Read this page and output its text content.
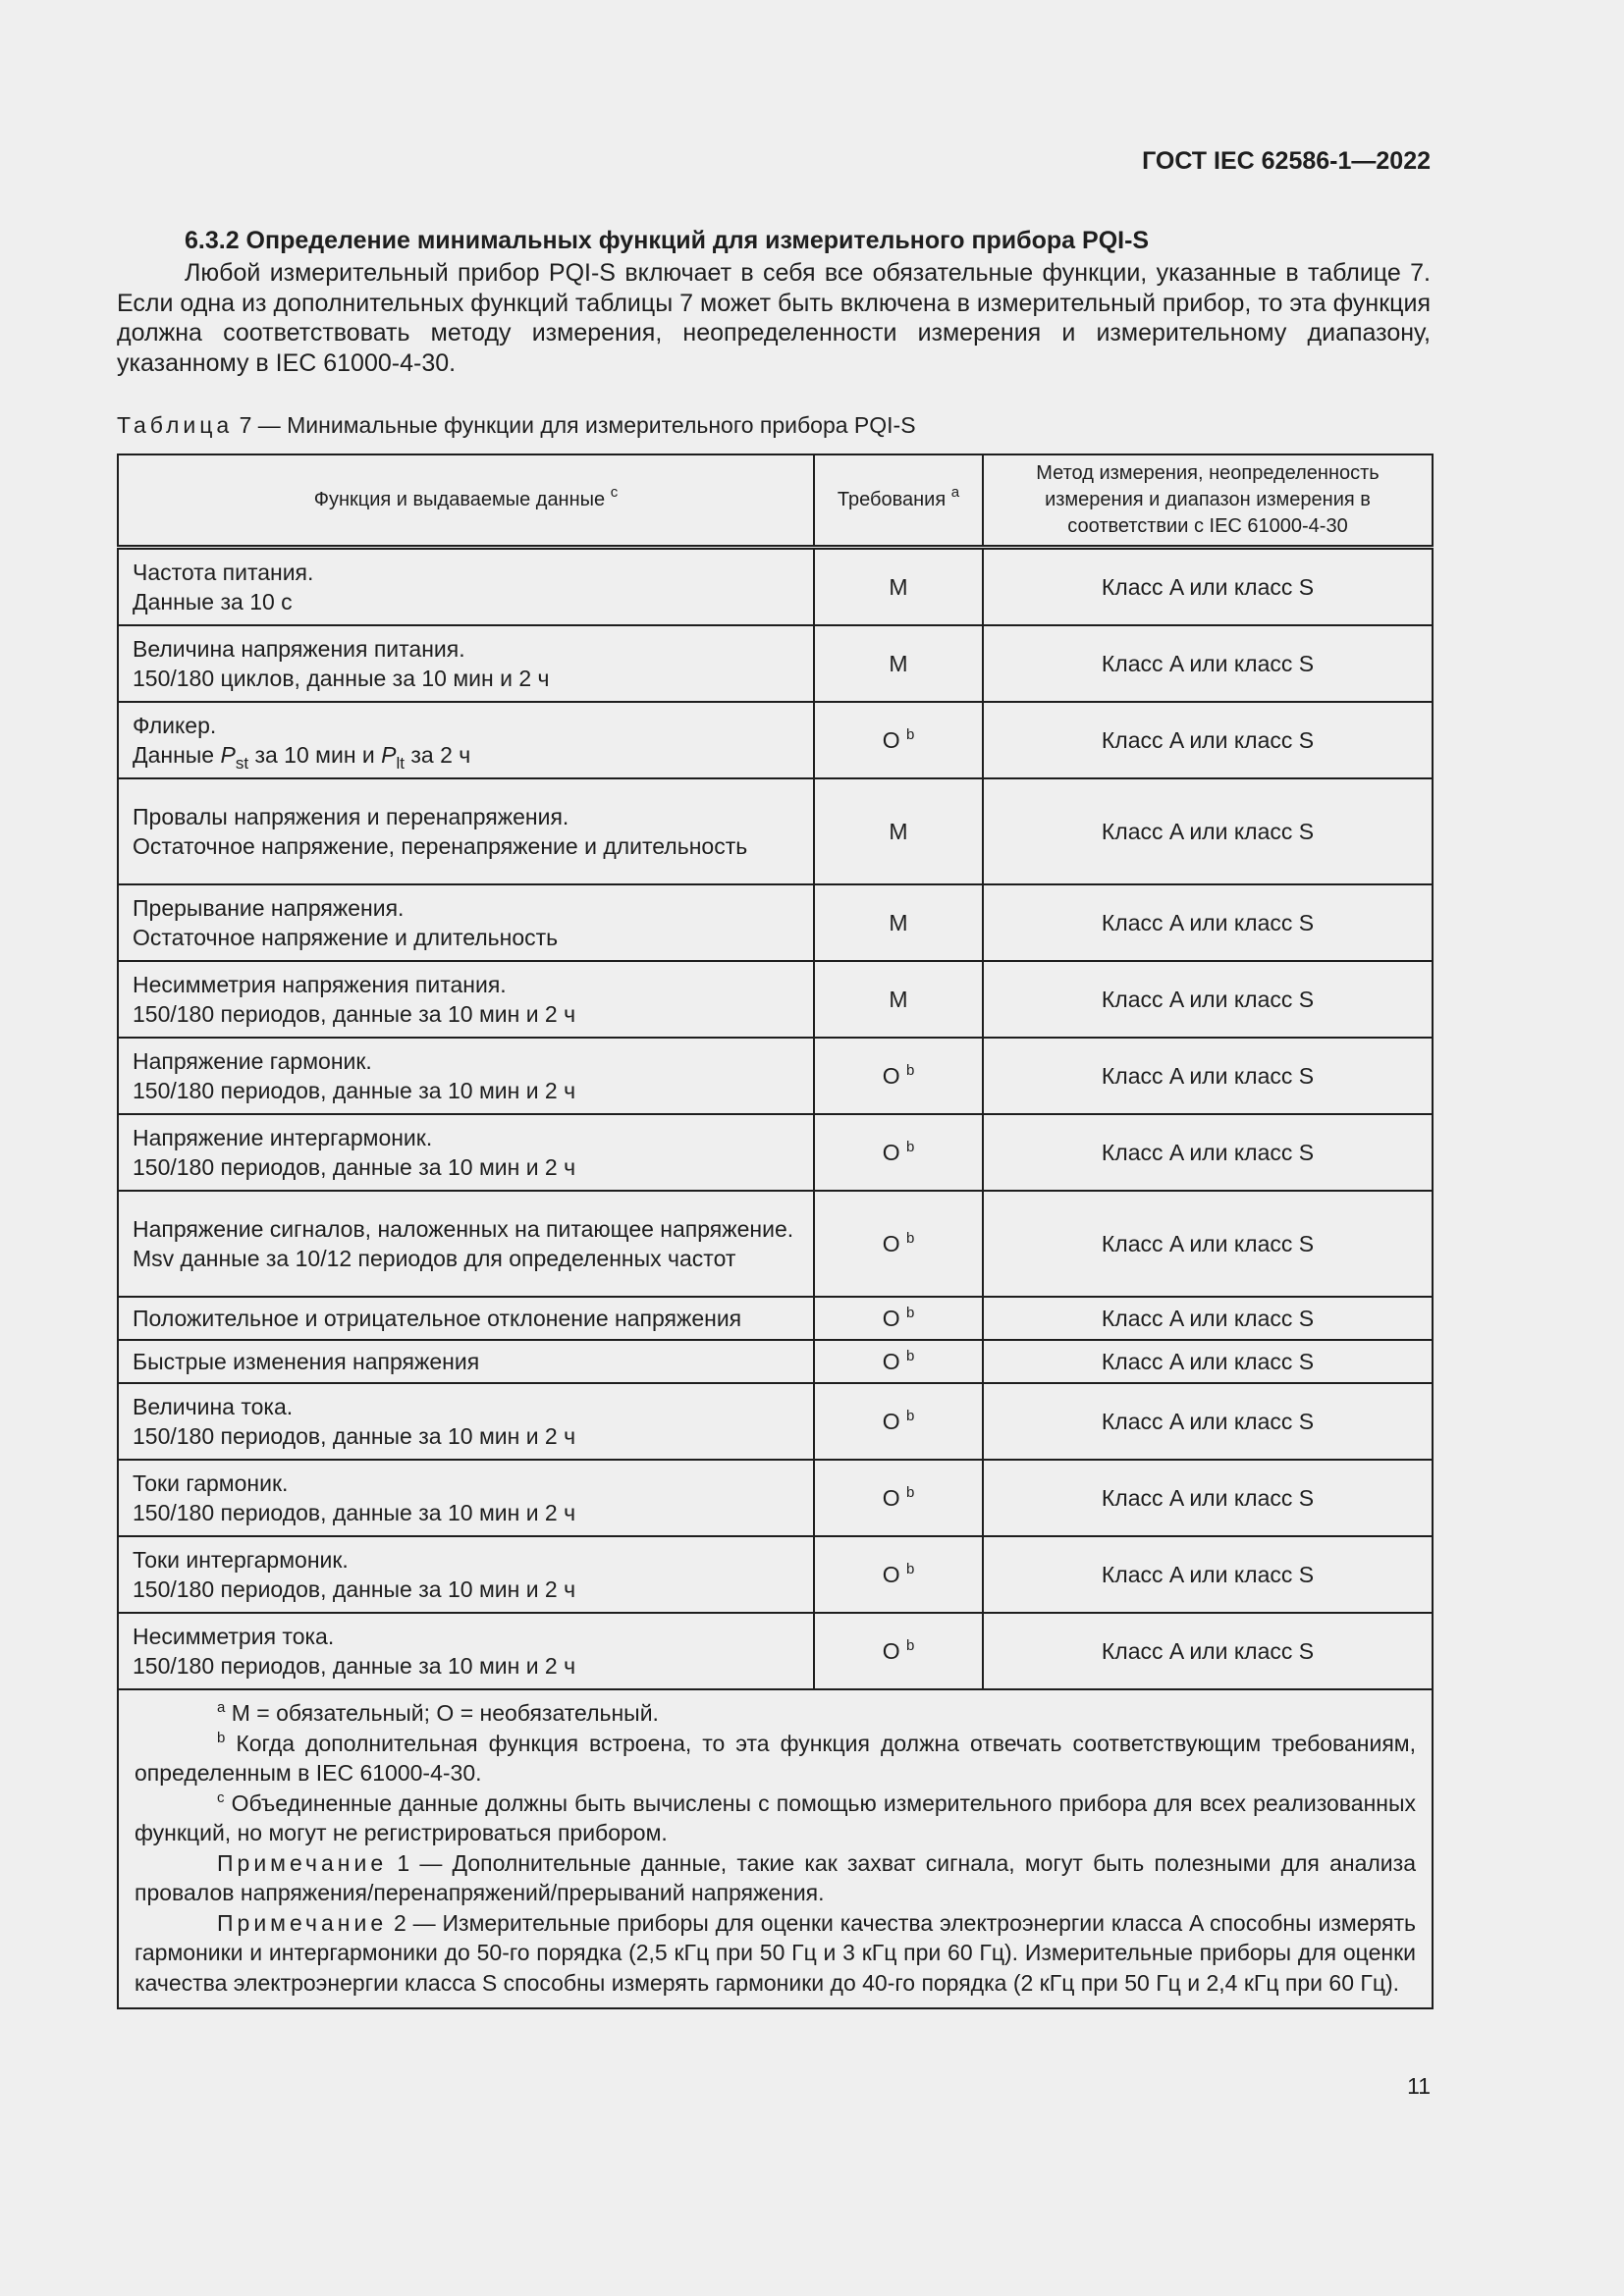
ГОСТ IEC 62586-1—2022
6.3.2 Определение минимальных функций для измерительного прибора PQI-S

Любой измерительный прибор PQI-S включает в себя все обязательные функции, указанные в таблице 7. Если одна из дополнительных функций таблицы 7 может быть включена в измерительный прибор, то эта функция должна соответствовать методу измерения, неопределенности измерения и измерительному диапазону, указанному в IEC 61000-4-30.

Таблица 7 — Минимальные функции для измерительного прибора PQI-S
Функция и выдаваемые данные $^c$	Требования $^a$	Метод измерения, неопределенность измерения и диапазон измерения в соответствии с IEC 61000-4-30
Частота питания.
Данные за 10 с	M	Класс A или класс S
Величина напряжения питания.
150/180 циклов, данные за 10 мин и 2 ч	M	Класс A или класс S
Фликер.
Данные $P_{st}$ за 10 мин и $P_{lt}$ за 2 ч	O $^b$	Класс A или класс S
Провалы напряжения и перенапряжения.
Остаточное напряжение, перенапряжение и длительность	M	Класс A или класс S
Прерывание напряжения.
Остаточное напряжение и длительность	M	Класс A или класс S
Несимметрия напряжения питания.
150/180 периодов, данные за 10 мин и 2 ч	M	Класс A или класс S
Напряжение гармоник.
150/180 периодов, данные за 10 мин и 2 ч	O $^b$	Класс A или класс S
Напряжение интергармоник.
150/180 периодов, данные за 10 мин и 2 ч	O $^b$	Класс A или класс S
Напряжение сигналов, наложенных на питающее напряжение.
Msv данные за 10/12 периодов для определенных частот	O $^b$	Класс A или класс S
Положительное и отрицательное отклонение напряжения	O $^b$	Класс A или класс S
Быстрые изменения напряжения	O $^b$	Класс A или класс S
Величина тока.
150/180 периодов, данные за 10 мин и 2 ч	O $^b$	Класс A или класс S
Токи гармоник.
150/180 периодов, данные за 10 мин и 2 ч	O $^b$	Класс A или класс S
Токи интергармоник.
150/180 периодов, данные за 10 мин и 2 ч	O $^b$	Класс A или класс S
Несимметрия тока.
150/180 периодов, данные за 10 мин и 2 ч	O $^b$	Класс A или класс S

$^a$ M = обязательный; O = необязательный.

$^b$ Когда дополнительная функция встроена, то эта функция должна отвечать соответствующим требованиям, определенным в IEC 61000-4-30.

$^c$ Объединенные данные должны быть вычислены с помощью измерительного прибора для всех реализованных функций, но могут не регистрироваться прибором.

Примечание 1 — Дополнительные данные, такие как захват сигнала, могут быть полезными для анализа провалов напряжения/перенапряжений/прерываний напряжения.

Примечание 2 — Измерительные приборы для оценки качества электроэнергии класса A способны измерять гармоники и интергармоники до 50-го порядка (2,5 кГц при 50 Гц и 3 кГц при 60 Гц). Измерительные приборы для оценки качества электроэнергии класса S способны измерять гармоники до 40-го порядка (2 кГц при 50 Гц и 2,4 кГц при 60 Гц).		

11
